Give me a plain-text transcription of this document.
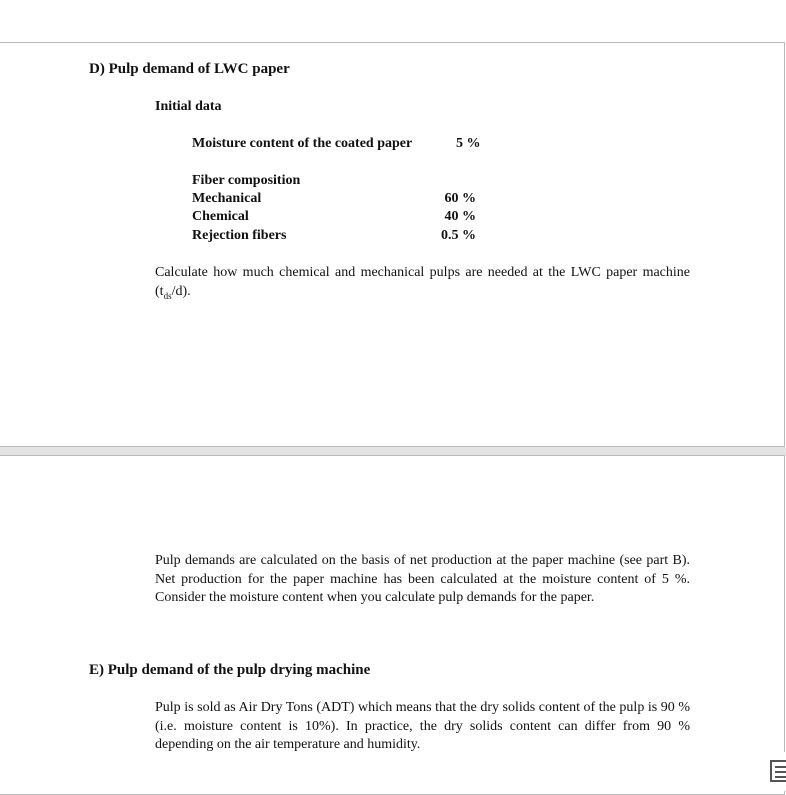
D) Pulp demand of LWC paper
Initial data
Moisture content of the coated paper	5 %
Fiber composition
Mechanical	60 %
Chemical	40 %
Rejection fibers	0.5 %
Calculate how much chemical and mechanical pulps are needed at the LWC paper machine $(t_{ds}/d)$.
Pulp demands are calculated on the basis of net production at the paper machine (see part B). Net production for the paper machine has been calculated at the moisture content of 5 %. Consider the moisture content when you calculate pulp demands for the paper.
E) Pulp demand of the pulp drying machine
Pulp is sold as Air Dry Tons (ADT) which means that the dry solids content of the pulp is 90 % (i.e. moisture content is 10%). In practice, the dry solids content can differ from 90 % depending on the air temperature and humidity.
